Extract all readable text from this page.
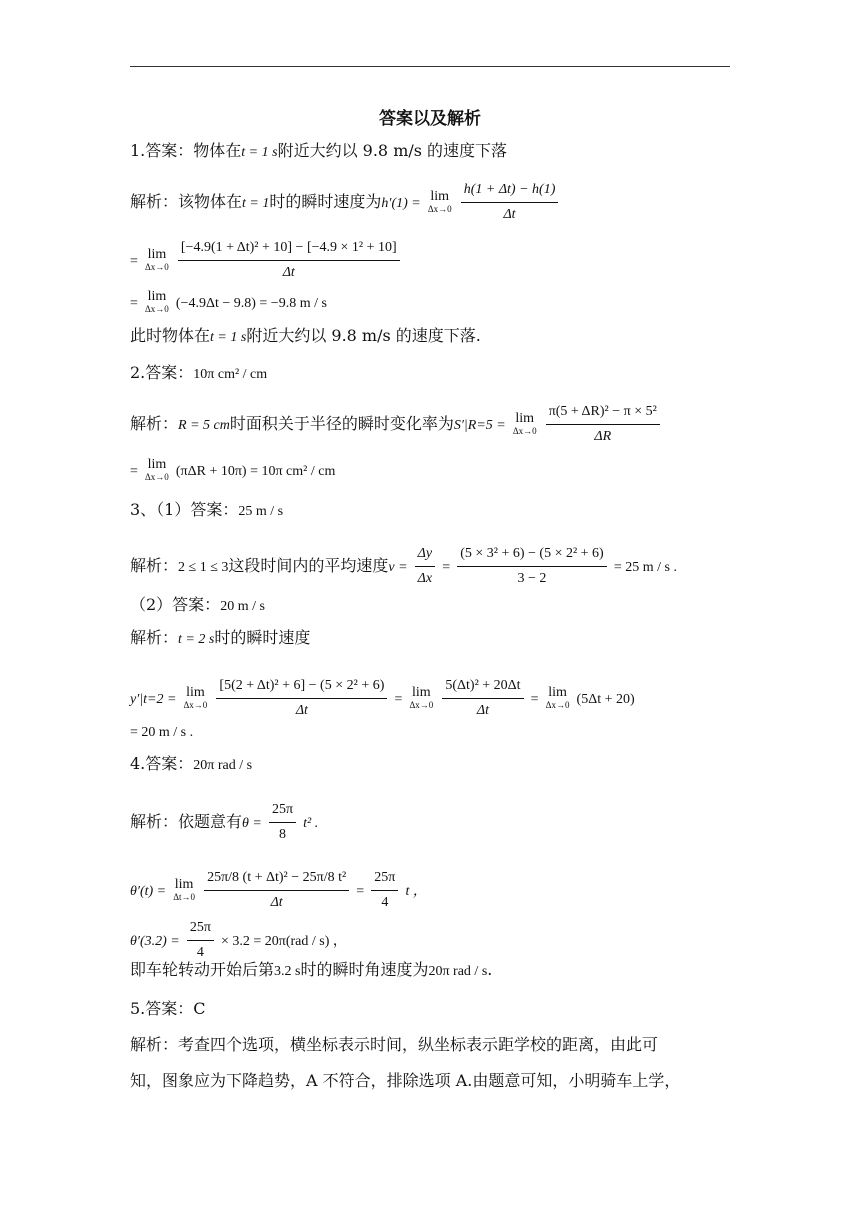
答案以及解析
1.答案：物体在t = 1 s附近大约以 9.8 m/s 的速度下落
解析：该物体在t = 1时的瞬时速度为h′(1) = lim
Δx→0
$\frac{h(1 + \Delta t) - h(1)}{\Delta t}$
= lim
Δx→0
$\frac{\text{[−4.9(1 + Δt)² + 10] − [−4.9 × 1² + 10]}}{\Delta t}$
= lim
Δx→0 (−4.9Δt − 9.8) = −9.8 m / s
此时物体在t = 1 s附近大约以 9.8 m/s 的速度下落.
2.答案：10π cm² / cm
解析：R = 5 cm时面积关于半径的瞬时变化率为S′|R=5 = lim
Δx→0
$\frac{\text{π(5 + ΔR)² − π × 5²}}{\Delta R}$
= lim
Δx→0 (πΔR + 10π) = 10π cm² / cm
3、（1）答案：25 m / s
解析：2 ≤ 1 ≤ 3这段时间内的平均速度$v = \frac{\Delta y}{\Delta x} = \frac{\text{(5 × 3² + 6) − (5 × 2² + 6)}}{3 - 2} = 25$ m / s .
（2）答案：20 m / s
解析：t = 2 s时的瞬时速度
y′|t=2 = lim
Δx→0
$\frac{\text{[5(2 + Δt)² + 6] − (5 × 2² + 6)}}{\Delta t} = \lim$
Δx→0
$\frac{\text{5(Δt)² + 20Δt}}{\Delta t} = \lim$
Δx→0 (5Δt + 20)
= 20 m / s .
4.答案：20π rad / s
解析：依题意有$\theta = \frac{25\pi}{8} t^2$ .
θ′(t) = lim
Δt→0
$\frac{\text{25π/8 (t + Δt)² − 25π/8 t²}}{\Delta t} = \frac{25\pi}{4}$ t ，
$\theta'(3.2) = \frac{25\pi}{4} \times 3.2 = 20\pi(rad / s)$ ，
即车轮转动开始后第3.2 s时的瞬时角速度为20π rad / s.
5.答案：C
解析：考查四个选项，横坐标表示时间，纵坐标表示距学校的距离，由此可
知，图象应为下降趋势，A 不符合，排除选项 A.由题意可知，小明骑车上学，
